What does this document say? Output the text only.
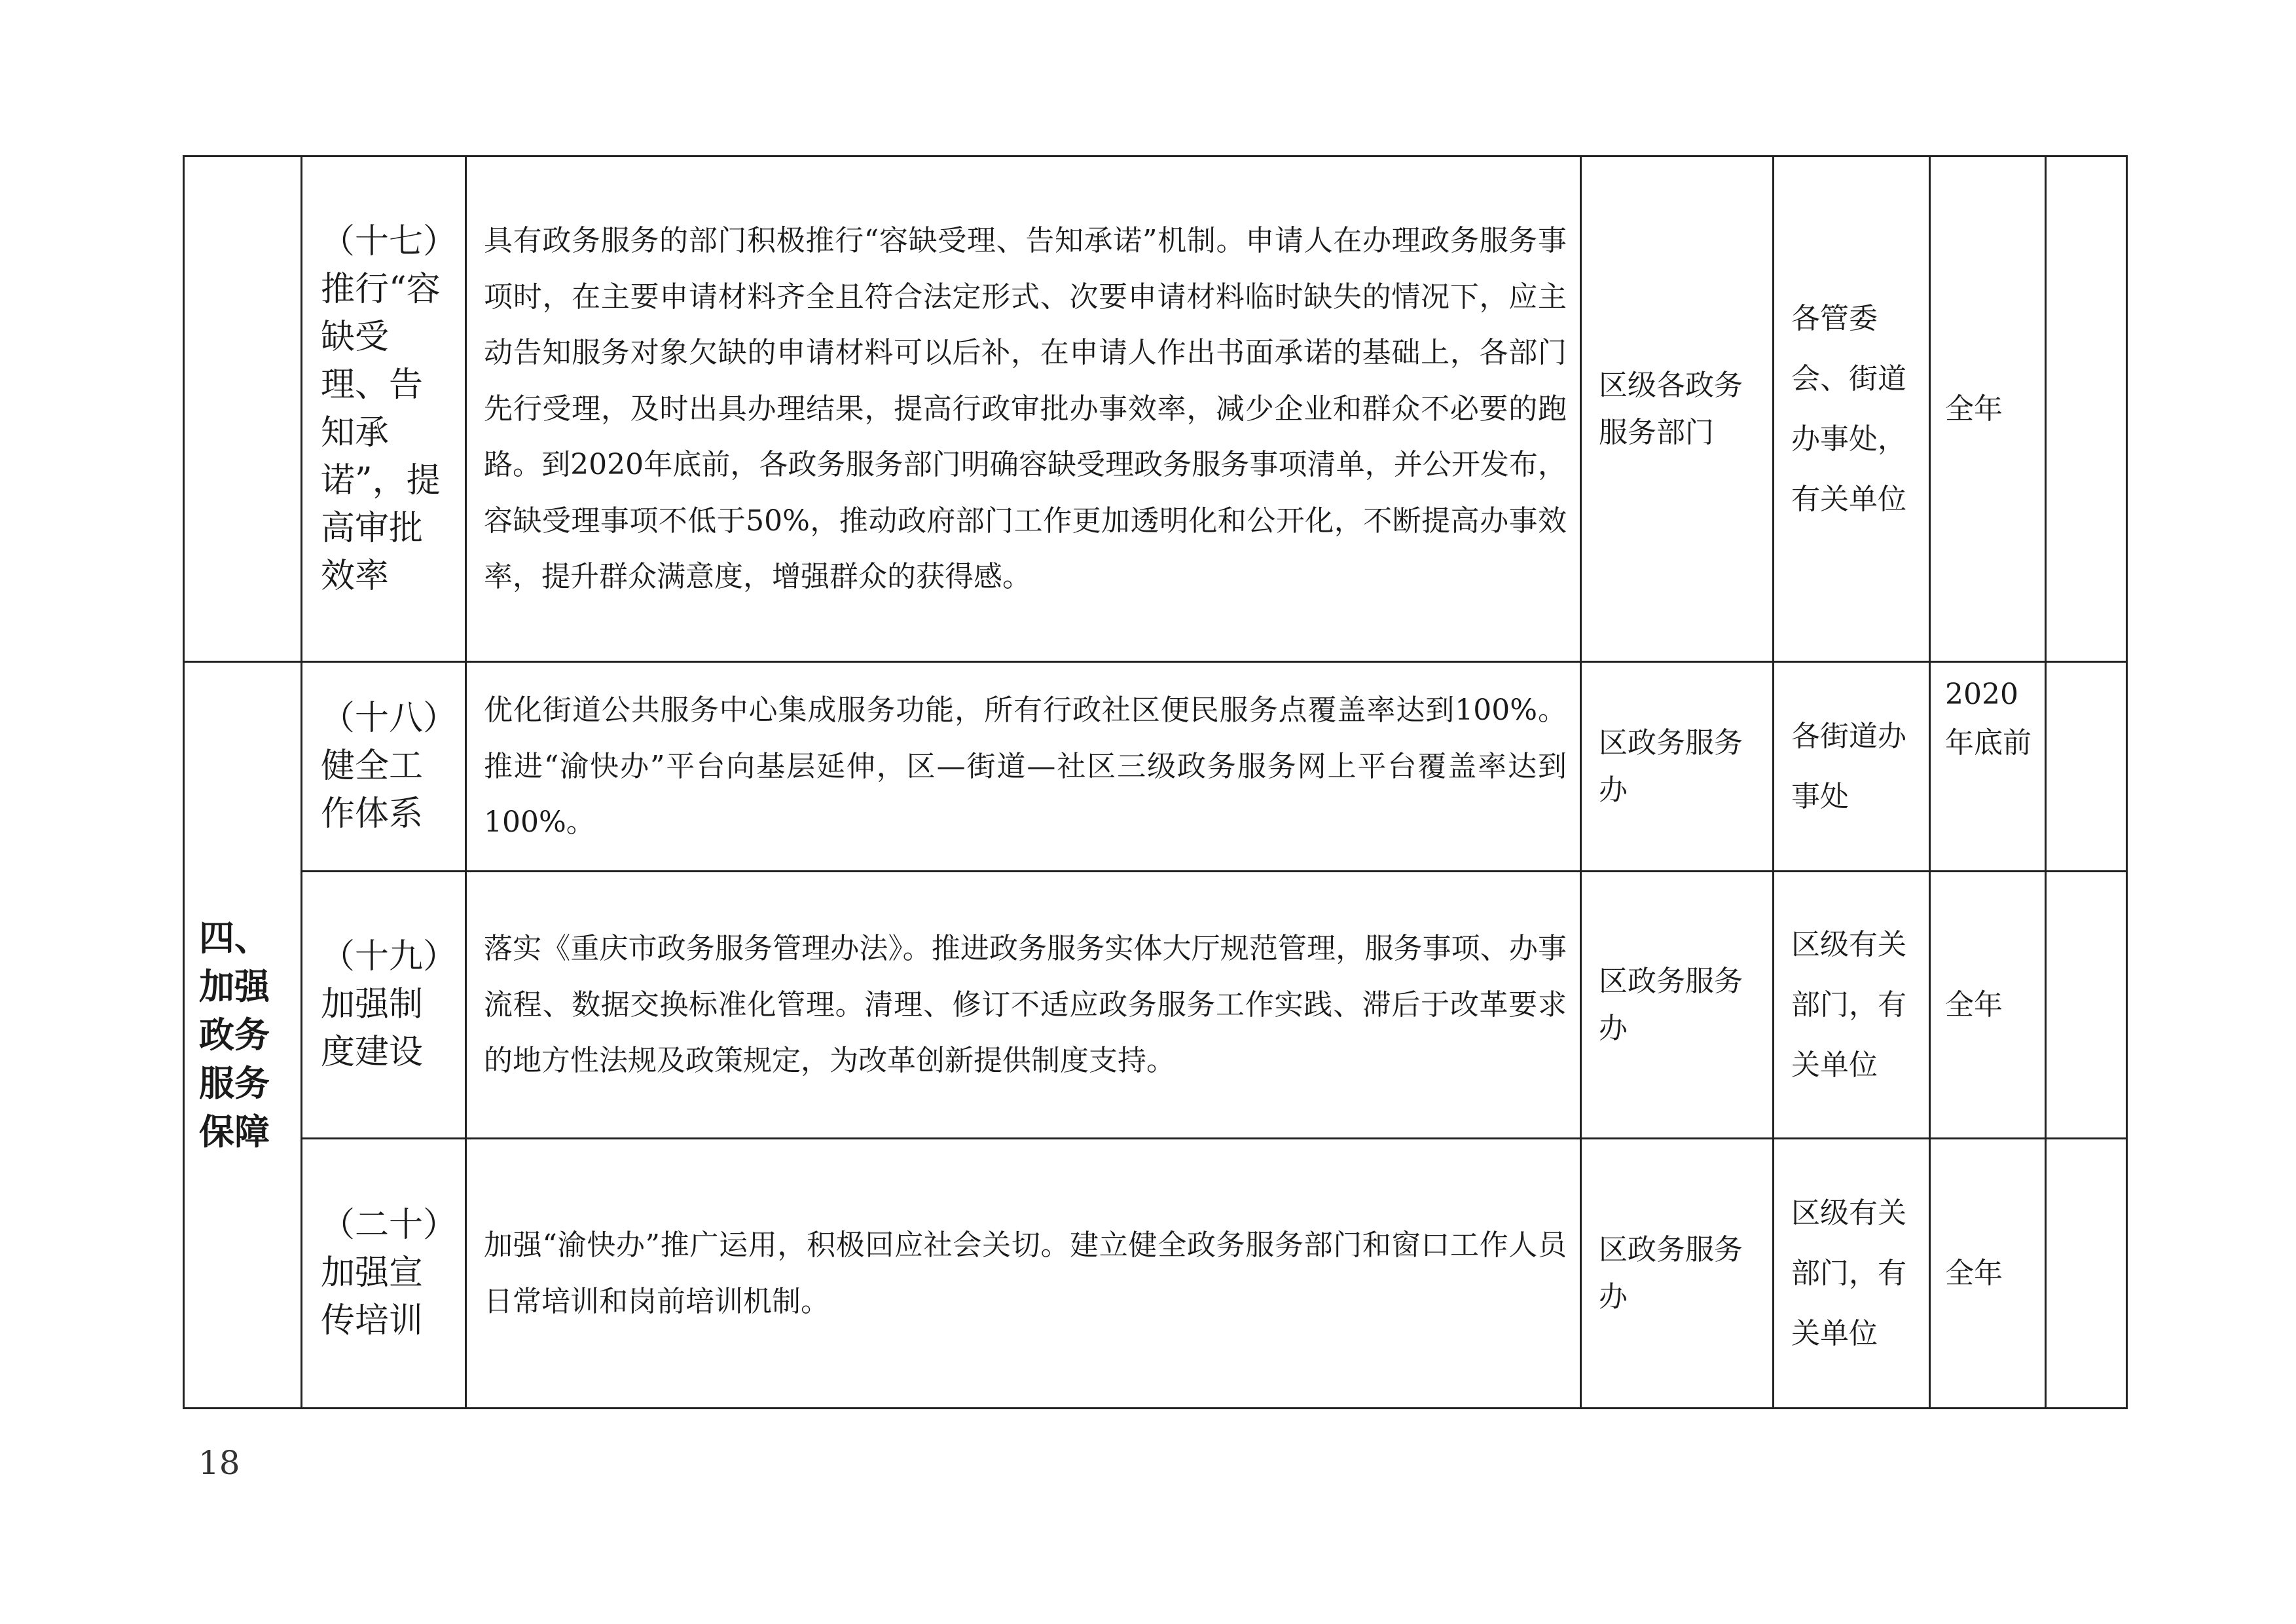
	（十七）推行“容缺受理、告知承诺”，提高审批效率	具有政务服务的部门积极推行“容缺受理、告知承诺”机制。申请人在办理政务服务事项时，在主要申请材料齐全且符合法定形式、次要申请材料临时缺失的情况下，应主动告知服务对象欠缺的申请材料可以后补，在申请人作出书面承诺的基础上，各部门先行受理，及时出具办理结果，提高行政审批办事效率，减少企业和群众不必要的跑路。到2020年底前，各政务服务部门明确容缺受理政务服务事项清单，并公开发布，容缺受理事项不低于50%，推动政府部门工作更加透明化和公开化，不断提高办事效率，提升群众满意度，增强群众的获得感。	区级各政务服务部门	各管委会、街道办事处，有关单位	全年	
四、加强政务服务保障	（十八）健全工作体系	优化街道公共服务中心集成服务功能，所有行政社区便民服务点覆盖率达到100%。推进“渝快办”平台向基层延伸，区—街道—社区三级政务服务网上平台覆盖率达到100%。	区政务服务办	各街道办事处	2020年底前	
	（十九）加强制度建设	落实《重庆市政务服务管理办法》。推进政务服务实体大厅规范管理，服务事项、办事流程、数据交换标准化管理。清理、修订不适应政务服务工作实践、滞后于改革要求的地方性法规及政策规定，为改革创新提供制度支持。	区政务服务办	区级有关部门，有关单位	全年	
	（二十）加强宣传培训	加强“渝快办”推广运用，积极回应社会关切。建立健全政务服务部门和窗口工作人员日常培训和岗前培训机制。	区政务服务办	区级有关部门，有关单位	全年	
18
